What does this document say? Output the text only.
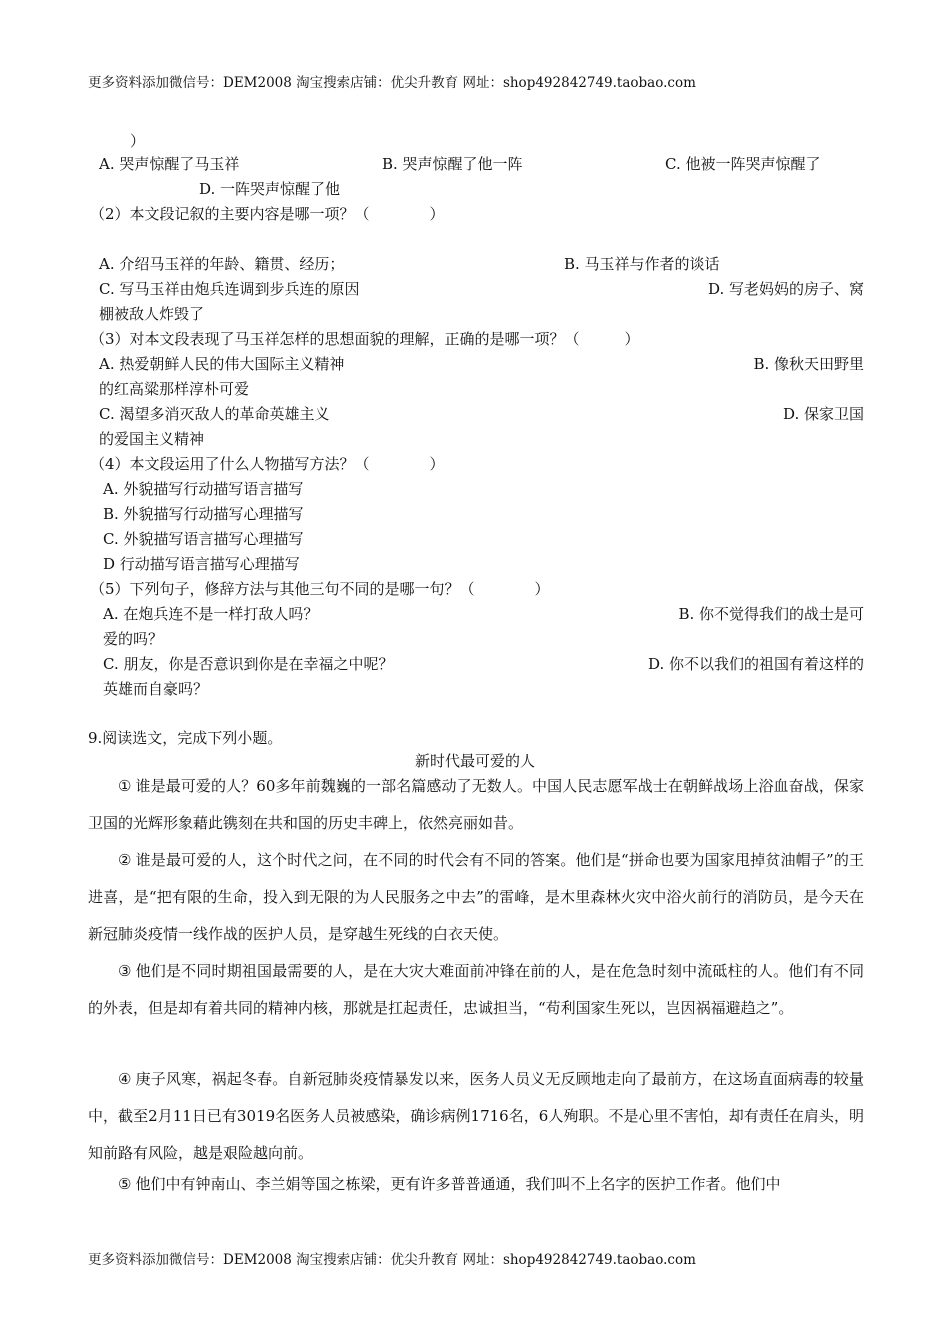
更多资料添加微信号：DEM2008 淘宝搜索店铺：优尖升教育 网址：shop492842749.taobao.com
）
A. 哭声惊醒了马玉祥	B. 哭声惊醒了他一阵	C. 他被一阵哭声惊醒了
D. 一阵哭声惊醒了他
（2）本文段记叙的主要内容是哪一项？（　　　　）
A. 介绍马玉祥的年龄、籍贯、经历；	B. 马玉祥与作者的谈话
C. 写马玉祥由炮兵连调到步兵连的原因	D. 写老妈妈的房子、窝
棚被敌人炸毁了
（3）对本文段表现了马玉祥怎样的思想面貌的理解，正确的是哪一项？（　　　）
A. 热爱朝鲜人民的伟大国际主义精神	B. 像秋天田野里
的红高粱那样淳朴可爱
C. 渴望多消灭敌人的革命英雄主义	D. 保家卫国
的爱国主义精神
（4）本文段运用了什么人物描写方法？（　　　　）
A. 外貌描写行动描写语言描写
B. 外貌描写行动描写心理描写
C. 外貌描写语言描写心理描写
D 行动描写语言描写心理描写
（5）下列句子，修辞方法与其他三句不同的是哪一句？（　　　　）
A. 在炮兵连不是一样打敌人吗？	B. 你不觉得我们的战士是可
爱的吗？
C. 朋友，你是否意识到你是在幸福之中呢？	D. 你不以我们的祖国有着这样的
英雄而自豪吗？
9.阅读选文，完成下列小题。
新时代最可爱的人
① 谁是最可爱的人？60多年前魏巍的一部名篇感动了无数人。中国人民志愿军战士在朝鲜战场上浴血奋战，保家卫国的光辉形象藉此镌刻在共和国的历史丰碑上，依然亮丽如昔。
② 谁是最可爱的人，这个时代之问，在不同的时代会有不同的答案。他们是“拼命也要为国家甩掉贫油帽子”的王进喜，是“把有限的生命，投入到无限的为人民服务之中去”的雷峰，是木里森林火灾中浴火前行的消防员，是今天在新冠肺炎疫情一线作战的医护人员，是穿越生死线的白衣天使。
③ 他们是不同时期祖国最需要的人，是在大灾大难面前冲锋在前的人，是在危急时刻中流砥柱的人。他们有不同的外表，但是却有着共同的精神内核，那就是扛起责任，忠诚担当，“苟利国家生死以，岂因祸福避趋之”。
④ 庚子风寒，祸起冬春。自新冠肺炎疫情暴发以来，医务人员义无反顾地走向了最前方，在这场直面病毒的较量中，截至2月11日已有3019名医务人员被感染，确诊病例1716名，6人殉职。不是心里不害怕，却有责任在肩头，明知前路有风险，越是艰险越向前。
⑤ 他们中有钟南山、李兰娟等国之栋梁，更有许多普普通通，我们叫不上名字的医护工作者。他们中
更多资料添加微信号：DEM2008 淘宝搜索店铺：优尖升教育 网址：shop492842749.taobao.com
